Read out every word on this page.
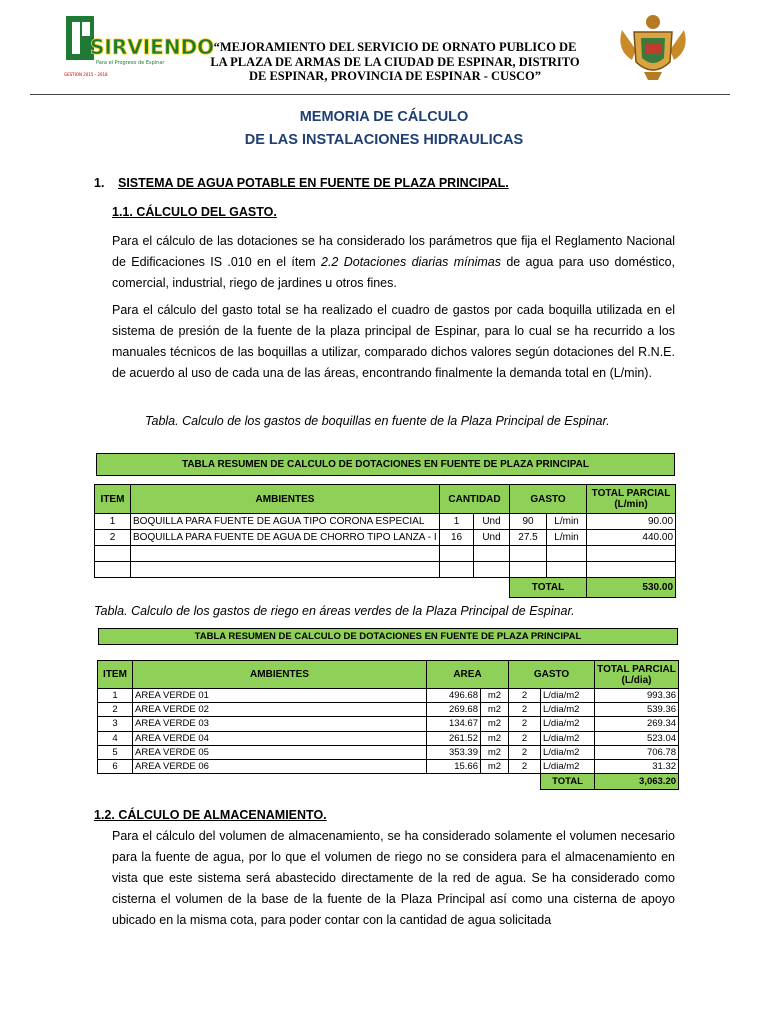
SIRVIENDO
Para el Progreso de Espinar
GESTION 2015 - 2018
“MEJORAMIENTO DEL SERVICIO DE ORNATO PUBLICO DE LA PLAZA DE ARMAS DE LA CIUDAD DE ESPINAR, DISTRITO DE ESPINAR, PROVINCIA DE ESPINAR - CUSCO”
MEMORIA DE CÁLCULO
DE LAS INSTALACIONES HIDRAULICAS
1. SISTEMA DE AGUA POTABLE EN FUENTE DE PLAZA PRINCIPAL.
1.1. CÁLCULO DEL GASTO.
Para el cálculo de las dotaciones se ha considerado los parámetros que fija el Reglamento Nacional de Edificaciones IS .010 en el ítem 2.2 Dotaciones diarias mínimas de agua para uso doméstico, comercial, industrial, riego de jardines u otros fines.
Para el cálculo del gasto total se ha realizado el cuadro de gastos por cada boquilla utilizada en el sistema de presión de la fuente de la plaza principal de Espinar, para lo cual se ha recurrido a los manuales técnicos de las boquillas a utilizar, comparado dichos valores según dotaciones del R.N.E. de acuerdo al uso de cada una de las áreas, encontrando finalmente la demanda total en (L/min).
Tabla. Calculo de los gastos de boquillas en fuente de la Plaza Principal de Espinar.
TABLA RESUMEN DE CALCULO DE DOTACIONES EN FUENTE DE PLAZA PRINCIPAL
ITEM	AMBIENTES	CANTIDAD		GASTO		TOTAL PARCIAL
(L/min)

1	BOQUILLA PARA FUENTE DE AGUA TIPO CORONA ESPECIAL	1	Und	90	L/min	90.00
2	BOQUILLA PARA FUENTE DE AGUA DE CHORRO TIPO LANZA - I	16	Und	27.5	L/min	440.00

				TOTAL		530.00
Tabla. Calculo de los gastos de riego en áreas verdes de la Plaza Principal de Espinar.
TABLA RESUMEN DE CALCULO DE DOTACIONES EN FUENTE DE PLAZA PRINCIPAL
ITEM	AMBIENTES	AREA		GASTO		TOTAL PARCIAL
(L/dia)

1	AREA VERDE 01	496.68	m2	2	L/dia/m2	993.36
2	AREA VERDE 02	269.68	m2	2	L/dia/m2	539.36
3	AREA VERDE 03	134.67	m2	2	L/dia/m2	269.34
4	AREA VERDE 04	261.52	m2	2	L/dia/m2	523.04
5	AREA VERDE 05	353.39	m2	2	L/dia/m2	706.78
6	AREA VERDE 06	15.66	m2	2	L/dia/m2	31.32
					TOTAL	3,063.20
1.2. CÁLCULO DE ALMACENAMIENTO.
Para el cálculo del volumen de almacenamiento, se ha considerado solamente el volumen necesario para la fuente de agua, por lo que el volumen de riego no se considera para el almacenamiento en vista que este sistema será abastecido directamente de la red de agua. Se ha considerado como cisterna el volumen de la base de la fuente de la Plaza Principal así como una cisterna de apoyo ubicado en la misma cota, para poder contar con la cantidad de agua solicitada
